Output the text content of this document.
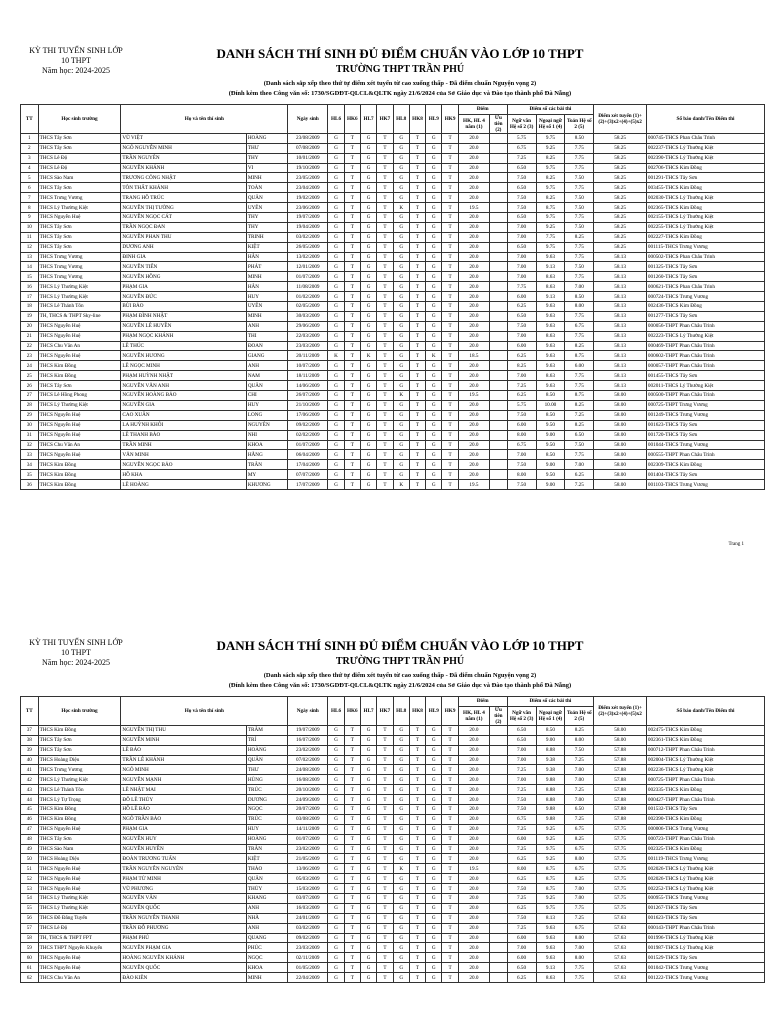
KỲ THI TUYỂN SINH LỚP 10 THPT
Năm học: 2024-2025
DANH SÁCH THÍ SINH ĐỦ ĐIỂM CHUẨN VÀO LỚP 10 THPT
TRƯỜNG THPT TRẦN PHÚ
(Danh sách sắp xếp theo thứ tự điểm xét tuyển từ cao xuống thấp - Đã điểm chuẩn Nguyện vọng 2)
(Đính kèm theo Công văn số: 1730/SGDĐT-QLCL&QLTK ngày 21/6/2024 của Sở Giáo dục và Đào tạo thành phố Đà Nẵng)
TT	Học sinh trường	Họ và tên thí sinh		Ngày sinh	HL6	HK6	HL7	HK7	HL8	HK8	HL9	HK9	Điểm		Điểm số các bài thi			Điểm xét tuyển (1)+(2)+(3)x2+(4)+(5)x2	Số báo danh/Tên Điểm thi
													HK, HL 4 năm (1)	Ưu tiên (2)	Ngữ văn Hệ số 2 (3)	Ngoại ngữ Hệ số 1 (4)	Toán Hệ số 2 (5)		
1	THCS Tây Sơn	VŨ VIỆT	HOÀNG	23/08/2009	G	T	G	T	G	T	G	T	20.0		5.75	9.75	8.50	58.25	000745-THCS Phan Châu Trinh
2	THCS Tây Sơn	NGÔ NGUYỄN MINH	THƯ	07/08/2009	G	T	G	T	G	T	G	T	20.0		6.75	9.25	7.75	58.25	002237-THCS Lý Thường Kiệt
3	THCS Lê Độ	TRẦN NGUYÊN	THY	10/01/2009	G	T	G	T	G	T	G	T	20.0		7.25	8.25	7.75	58.25	002390-THCS Lý Thường Kiệt
4	THCS Lê Độ	NGUYỄN KHÁNH	VI	19/10/2009	G	T	G	T	G	T	G	T	20.0		6.50	9.75	7.75	58.25	002706-THCS Kim Đồng
5	THCS Sào Nam	TRƯƠNG CÔNG NHẬT	MINH	23/05/2009	G	T	G	T	G	T	G	T	20.0		7.50	8.25	7.50	58.25	001291-THCS Tây Sơn
6	THCS Tây Sơn	TÔN THẤT KHÁNH	TOÀN	23/04/2009	G	T	G	T	G	T	G	T	20.0		6.50	9.75	7.75	58.25	003455-THCS Kim Đồng
7	THCS Trưng Vương	TRANG HỒ TRÚC	QUÂN	19/02/2009	G	T	G	T	G	T	G	T	20.0		7.50	8.25	7.50	58.25	002030-THCS Lý Thường Kiệt
8	THCS Lý Thường Kiệt	NGUYỄN THỊ TƯỜNG	UYÊN	23/06/2009	G	T	G	T	K	T	G	T	19.5		7.50	8.75	7.50	58.25	002365-THCS Kim Đồng
9	THCS Nguyễn Huệ	NGUYỄN NGỌC CÁT	THY	19/07/2009	G	T	G	T	G	T	G	T	20.0		6.50	9.75	7.75	58.25	002155-THCS Lý Thường Kiệt
10	THCS Tây Sơn	TRẦN NGỌC ĐAN	THY	19/04/2009	G	T	G	T	G	T	G	T	20.0		7.00	9.25	7.50	58.25	002255-THCS Lý Thường Kiệt
11	THCS Tây Sơn	NGUYỄN PHAN THU	TRINH	03/02/2009	G	T	G	T	G	T	G	T	20.0		7.00	7.75	8.25	58.25	002227-THCS Kim Đồng
12	THCS Tây Sơn	DƯƠNG ANH	KIỆT	26/05/2009	G	T	G	T	G	T	G	T	20.0		6.50	9.75	7.75	58.25	001115-THCS Trưng Vương
13	THCS Trưng Vương	ĐINH GIA	HÂN	13/02/2009	G	T	G	T	G	T	G	T	20.0		7.00	9.63	7.75	58.13	000502-THCS Phan Châu Trinh
14	THCS Trưng Vương	NGUYỄN TIẾN	PHÁT	12/01/2009	G	T	G	T	G	T	G	T	20.0		7.00	9.13	7.50	58.13	001325-THCS Tây Sơn
15	THCS Trưng Vương	NGUYỄN HỒNG	MINH	01/07/2009	G	T	G	T	G	T	G	T	20.0		7.00	8.63	7.75	58.13	001260-THCS Tây Sơn
16	THCS Lý Thường Kiệt	PHẠM GIA	HÂN	11/08/2009	G	T	G	T	G	T	G	T	20.0		7.75	8.63	7.00	58.13	000621-THCS Phan Châu Trinh
17	THCS Lý Thường Kiệt	NGUYỄN ĐỨC	HUY	01/02/2009	G	T	G	T	G	T	G	T	20.0		6.00	9.13	8.50	58.13	000724-THCS Trưng Vương
18	THCS Lê Thánh Tôn	BÙI BẢO	UYÊN	02/05/2009	G	T	G	T	G	T	G	T	20.0		6.25	9.63	8.00	58.13	002436-THCS Kim Đồng
19	TH, THCS & THPT Sky-line	PHẠM ĐÌNH NHẬT	MINH	30/03/2009	G	T	G	T	G	T	G	T	20.0		6.50	9.63	7.75	58.13	001277-THCS Tây Sơn
20	THCS Nguyễn Huệ	NGUYỄN LÊ HUYỀN	ANH	29/06/2009	G	T	G	T	G	T	G	T	20.0		7.50	9.63	6.75	58.13	000056-THPT Phan Châu Trinh
21	THCS Nguyễn Huệ	PHẠM NGỌC KHÁNH	THI	22/03/2009	G	T	G	T	G	T	G	T	20.0		7.00	8.63	7.75	58.13	002223-THCS Lý Thường Kiệt
22	THCS Chu Văn An	LÊ THÚC	ĐOAN	23/03/2009	G	T	G	T	G	T	G	T	20.0		6.00	9.63	8.25	58.13	000469-THPT Phan Châu Trinh
23	THCS Nguyễn Huệ	NGUYỄN HƯƠNG	GIANG	20/11/2009	K	T	K	T	G	T	K	T	18.5		6.25	9.63	8.75	58.13	000602-THPT Phan Châu Trinh
24	THCS Kim Đồng	LÊ NGỌC MINH	ANH	10/07/2009	G	T	G	T	G	T	G	T	20.0		8.25	9.63	6.00	58.13	000057-THPT Phan Châu Trinh
25	THCS Kim Đồng	PHẠM HUỲNH NHẬT	NAM	18/11/2009	G	T	G	T	G	T	G	T	20.0		7.00	8.63	7.75	58.13	001455-THCS Tây Sơn
26	THCS Tây Sơn	NGUYỄN VĂN ANH	QUÂN	14/06/2009	G	T	G	T	G	T	G	T	20.0		7.25	9.63	7.75	58.13	002011-THCS Lý Thường Kiệt
27	THCS Lê Hồng Phong	NGUYỄN HOÀNG BẢO	CHI	26/07/2009	G	T	G	T	K	T	G	T	19.5		6.25	8.50	8.75	58.00	000500-THPT Phan Châu Trinh
28	THCS Lý Thường Kiệt	NGUYỄN GIA	HUY	21/10/2009	G	T	G	T	G	T	G	T	20.0		5.75	10.00	8.25	58.00	000725-THPT Trưng Vương
29	THCS Nguyễn Huệ	CAO XUÂN	LONG	17/06/2009	G	T	G	T	G	T	G	T	20.0		7.50	8.50	7.25	58.00	001249-THCS Trưng Vương
30	THCS Nguyễn Huệ	LA HUỲNH KHÔI	NGUYÊN	09/02/2009	G	T	G	T	G	T	G	T	20.0		6.00	9.50	8.25	58.00	001623-THCS Tây Sơn
31	THCS Nguyễn Huệ	LÊ THANH BẢO	NHI	02/02/2009	G	T	G	T	G	T	G	T	20.0		8.00	9.00	6.50	58.00	001720-THCS Tây Sơn
32	THCS Chu Văn An	TRẦN MINH	KHOA	01/07/2009	G	T	G	T	G	T	G	T	20.0		6.75	9.50	7.50	58.00	001044-THCS Trưng Vương
33	THCS Nguyễn Huệ	VĂN MINH	HẰNG	06/04/2009	G	T	G	T	G	T	G	T	20.0		7.00	8.50	7.75	58.00	000555-THPT Phan Châu Trinh
34	THCS Kim Đồng	NGUYỄN NGỌC BẢO	TRÂN	17/04/2009	G	T	G	T	G	T	G	T	20.0		7.50	9.00	7.00	58.00	002309-THCS Kim Đồng
35	THCS Kim Đồng	HỒ KHA	MY	07/07/2009	G	T	G	T	G	T	G	T	20.0		8.00	9.50	6.25	58.00	001404-THCS Tây Sơn
36	THCS Kim Đồng	LÊ HOÀNG	KHƯƠNG	17/07/2009	G	T	G	T	K	T	G	T	19.5		7.50	9.00	7.25	58.00	001103-THCS Trưng Vương
Trang 1
KỲ THI TUYỂN SINH LỚP 10 THPT
Năm học: 2024-2025
DANH SÁCH THÍ SINH ĐỦ ĐIỂM CHUẨN VÀO LỚP 10 THPT
TRƯỜNG THPT TRẦN PHÚ
(Danh sách sắp xếp theo thứ tự điểm xét tuyển từ cao xuống thấp - Đã điểm chuẩn Nguyện vọng 2)
(Đính kèm theo Công văn số: 1730/SGDĐT-QLCL&QLTK ngày 21/6/2024 của Sở Giáo dục và Đào tạo thành phố Đà Nẵng)
TT	Học sinh trường	Họ và tên thí sinh		Ngày sinh	HL6	HK6	HL7	HK7	HL8	HK8	HL9	HK9	Điểm		Điểm số các bài thi			Điểm xét tuyển (1)+(2)+(3)x2+(4)+(5)x2	Số báo danh/Tên Điểm thi
													HK, HL 4 năm (1)	Ưu tiên (2)	Ngữ văn Hệ số 2 (3)	Ngoại ngữ Hệ số 1 (4)	Toán Hệ số 2 (5)		
37	THCS Kim Đồng	NGUYỄN THỊ THU	TRÂM	19/07/2009	G	T	G	T	G	T	G	T	20.0		6.50	8.50	8.25	58.00	002475-THCS Kim Đồng
38	THCS Tây Sơn	NGUYỄN MINH	TRÍ	16/07/2009	G	T	G	T	G	T	G	T	20.0		6.50	9.00	8.00	58.00	002361-THCS Kim Đồng
39	THCS Tây Sơn	LÊ BẢO	HOÀNG	23/02/2009	G	T	G	T	G	T	G	T	20.0		7.00	8.88	7.50	57.88	000712-THPT Phan Châu Trinh
40	THCS Hoàng Diệu	TRẦN LÊ KHÁNH	QUÂN	07/02/2009	G	T	G	T	G	T	G	T	20.0		7.00	9.38	7.25	57.88	002004-THCS Lý Thường Kiệt
41	THCS Trưng Vương	NGÔ MINH	THƯ	24/08/2009	G	T	G	T	G	T	G	T	20.0		7.25	9.38	7.00	57.88	002236-THCS Lý Thường Kiệt
42	THCS Lý Thường Kiệt	NGUYỄN MẠNH	HÙNG	16/08/2009	G	T	G	T	G	T	G	T	20.0		7.00	9.88	7.00	57.88	000725-THPT Phan Châu Trinh
43	THCS Lê Thánh Tôn	LÊ NHẬT MAI	TRÚC	20/10/2009	G	T	G	T	G	T	G	T	20.0		7.25	8.88	7.25	57.88	002335-THCS Kim Đồng
44	THCS Lý Tự Trọng	ĐỖ LÊ THỦY	DƯƠNG	24/09/2009	G	T	G	T	G	T	G	T	20.0		7.50	8.88	7.00	57.88	000427-THPT Phan Châu Trinh
45	THCS Kim Đồng	HỒ LÊ BẢO	NGỌC	20/07/2009	G	T	G	T	G	T	G	T	20.0		7.50	9.88	6.50	57.88	001532-THCS Tây Sơn
46	THCS Kim Đồng	NGÔ TRẦN BẢO	TRÚC	03/08/2009	G	T	G	T	G	T	G	T	20.0		6.75	9.88	7.25	57.88	002390-THCS Kim Đồng
47	THCS Nguyễn Huệ	PHẠM GIA	HUY	14/11/2009	G	T	G	T	G	T	G	T	20.0		7.25	9.25	6.75	57.75	000006-THCS Trưng Vương
48	THCS Tây Sơn	NGUYỄN HUY	HOÀNG	01/07/2009	G	T	G	T	G	T	G	T	20.0		6.00	9.25	8.25	57.75	000723-THPT Phan Châu Trinh
49	THCS Sào Nam	NGUYỄN HUYỀN	TRÂN	23/02/2009	G	T	G	T	G	T	G	T	20.0		7.25	9.75	6.75	57.75	002325-THCS Kim Đồng
50	THCS Hoàng Diệu	ĐOÀN TRƯƠNG TUẤN	KIỆT	21/05/2009	G	T	G	T	G	T	G	T	20.0		6.25	9.25	8.00	57.75	001119-THCS Trưng Vương
51	THCS Nguyễn Huệ	TRẦN NGUYỄN NGUYÊN	THẢO	13/06/2009	G	T	G	T	K	T	G	T	19.5		8.00	8.75	6.75	57.75	002026-THCS Lý Thường Kiệt
52	THCS Nguyễn Huệ	PHẠM TỪ MINH	QUÂN	05/03/2009	G	T	G	T	G	T	G	T	20.0		6.25	8.75	8.25	57.75	002026-THCS Lý Thường Kiệt
53	THCS Nguyễn Huệ	VŨ PHƯƠNG	THỦY	15/03/2009	G	T	G	T	G	T	G	T	20.0		7.50	8.75	7.00	57.75	002252-THCS Lý Thường Kiệt
54	THCS Lý Thường Kiệt	NGUYỄN VÂN	KHANG	03/07/2009	G	T	G	T	G	T	G	T	20.0		7.25	9.25	7.00	57.75	000955-THCS Trưng Vương
55	THCS Lý Thường Kiệt	NGUYỄN QUỐC	ANH	16/03/2009	G	T	G	T	G	T	G	T	20.0		6.25	9.75	7.75	57.75	001267-THCS Tây Sơn
56	THCS Đỗ Đăng Tuyển	TRẦN NGUYỄN THANH	NHÃ	24/01/2009	G	T	G	T	G	T	G	T	20.0		7.50	8.13	7.25	57.63	001623-THCS Tây Sơn
57	THCS Lê Độ	TRẦN ĐỖ PHƯƠNG	ANH	03/02/2009	G	T	G	T	G	T	G	T	20.0		7.25	9.63	6.75	57.63	000143-THPT Phan Châu Trinh
58	TH, THCS & THPT FPT	PHẠM PHÚ	QUANG	09/02/2009	G	T	G	T	G	T	G	T	20.0		6.00	9.63	8.00	57.63	001996-THCS Lý Thường Kiệt
59	THCS THPT Nguyễn Khuyến	NGUYỄN PHẠM GIA	PHÚC	23/03/2009	G	T	G	T	G	T	G	T	20.0		7.00	9.63	7.00	57.63	001987-THCS Lý Thường Kiệt
60	THCS Nguyễn Huệ	HOÀNG NGUYỄN KHÁNH	NGỌC	02/11/2009	G	T	G	T	G	T	G	T	20.0		6.00	9.63	8.00	57.63	001529-THCS Tây Sơn
61	THCS Nguyễn Huệ	NGUYỄN QUỐC	KHOA	01/05/2009	G	T	G	T	G	T	G	T	20.0		6.50	9.13	7.75	57.63	001042-THCS Trưng Vương
62	THCS Chu Văn An	ĐÀO KIÊN	MINH	22/04/2009	G	T	G	T	G	T	G	T	20.0		6.25	8.63	7.75	57.63	001222-THCS Trưng Vương
